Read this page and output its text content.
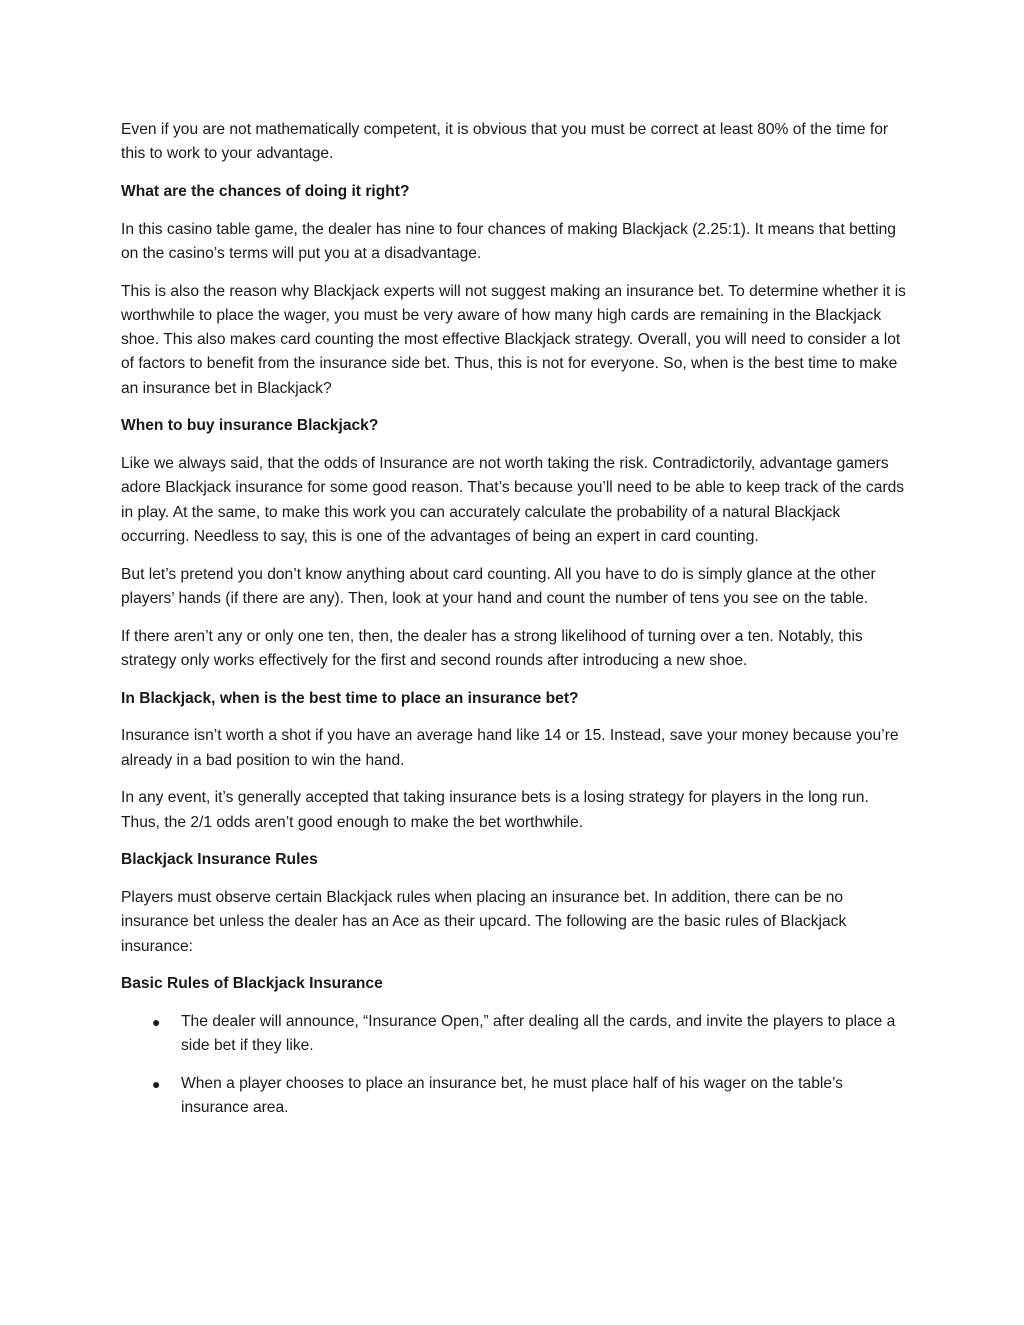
Even if you are not mathematically competent, it is obvious that you must be correct at least 80% of the time for this to work to your advantage.

What are the chances of doing it right?

In this casino table game, the dealer has nine to four chances of making Blackjack (2.25:1). It means that betting on the casino’s terms will put you at a disadvantage.

This is also the reason why Blackjack experts will not suggest making an insurance bet. To determine whether it is worthwhile to place the wager, you must be very aware of how many high cards are remaining in the Blackjack shoe. This also makes card counting the most effective Blackjack strategy. Overall, you will need to consider a lot of factors to benefit from the insurance side bet. Thus, this is not for everyone. So, when is the best time to make an insurance bet in Blackjack?

When to buy insurance Blackjack?

Like we always said, that the odds of Insurance are not worth taking the risk. Contradictorily, advantage gamers adore Blackjack insurance for some good reason. That’s because you’ll need to be able to keep track of the cards in play. At the same, to make this work you can accurately calculate the probability of a natural Blackjack occurring. Needless to say, this is one of the advantages of being an expert in card counting.

But let’s pretend you don’t know anything about card counting. All you have to do is simply glance at the other players’ hands (if there are any). Then, look at your hand and count the number of tens you see on the table.

If there aren’t any or only one ten, then, the dealer has a strong likelihood of turning over a ten. Notably, this strategy only works effectively for the first and second rounds after introducing a new shoe.

In Blackjack, when is the best time to place an insurance bet?

Insurance isn’t worth a shot if you have an average hand like 14 or 15. Instead, save your money because you’re already in a bad position to win the hand.

In any event, it’s generally accepted that taking insurance bets is a losing strategy for players in the long run. Thus, the 2/1 odds aren’t good enough to make the bet worthwhile.

Blackjack Insurance Rules

Players must observe certain Blackjack rules when placing an insurance bet. In addition, there can be no insurance bet unless the dealer has an Ace as their upcard. The following are the basic rules of Blackjack insurance:

Basic Rules of Blackjack Insurance

● The dealer will announce, “Insurance Open,” after dealing all the cards, and invite the players to place a side bet if they like.
● When a player chooses to place an insurance bet, he must place half of his wager on the table’s insurance area.
